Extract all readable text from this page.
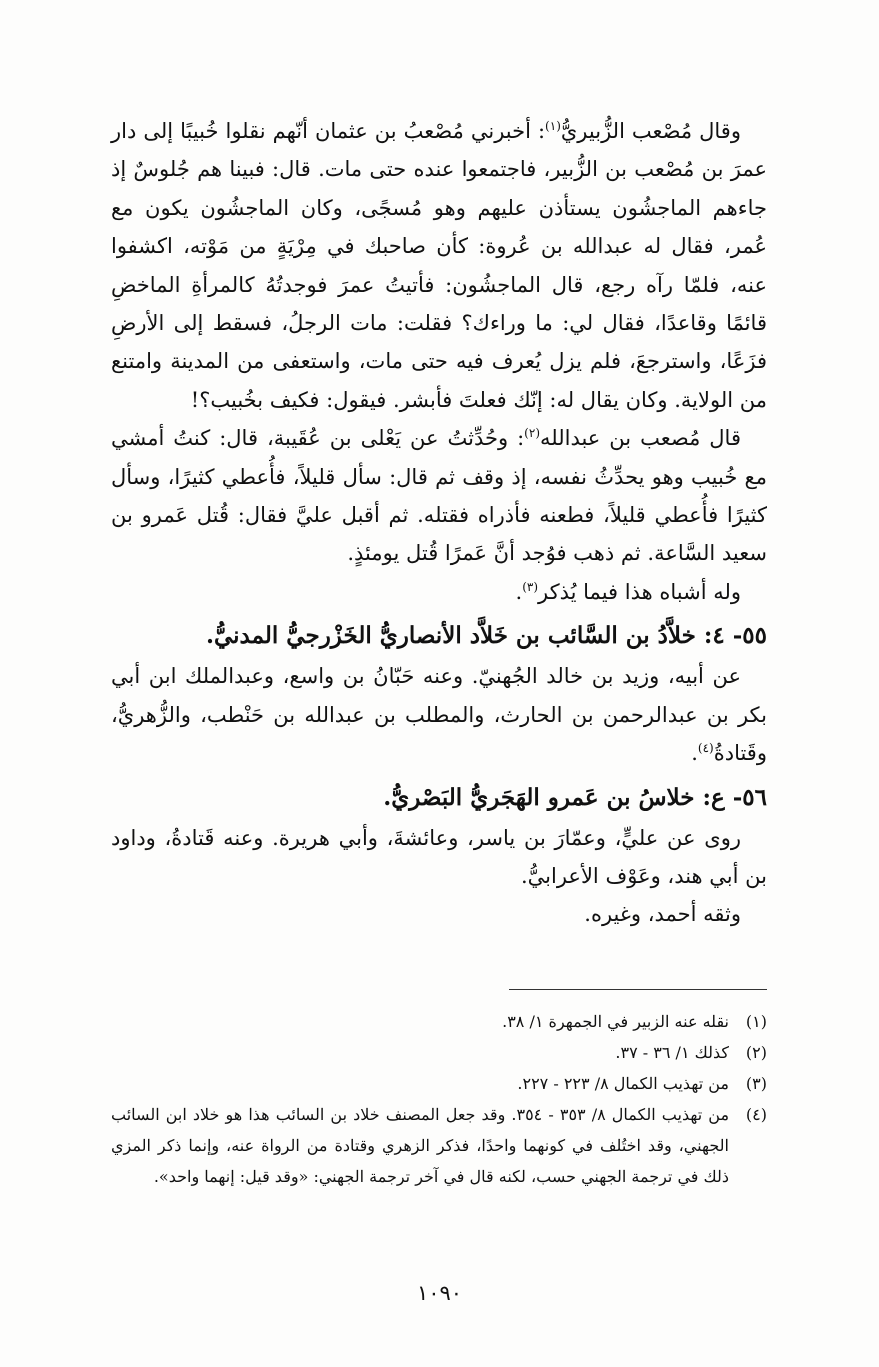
وقال مُصْعب الزُّبيريُّ$^{(١)}$: أخبرني مُصْعبُ بن عثمان أنّهم نقلوا خُبيبًا إلى دار عمرَ بن مُصْعب بن الزُّبير، فاجتمعوا عنده حتى مات. قال: فبينا هم جُلوسٌ إذ جاءهم الماجشُون يستأذن عليهم وهو مُسجًى، وكان الماجشُون يكون مع عُمر، فقال له عبدالله بن عُروة: كأن صاحبك في مِرْيَةٍ من مَوْته، اكشفوا عنه، فلمّا رآه رجع، قال الماجشُون: فأتيتُ عمرَ فوجدتُهُ كالمرأةِ الماخضِ قائمًا وقاعدًا، فقال لي: ما وراءك؟ فقلت: مات الرجلُ، فسقط إلى الأرضِ فزَعًا، واسترجعَ، فلم يزل يُعرف فيه حتى مات، واستعفى من المدينة وامتنع من الولاية. وكان يقال له: إنّك فعلتَ فأبشر. فيقول: فكيف بخُبيب؟!

قال مُصعب بن عبدالله$^{(٢)}$: وحُدِّثتُ عن يَعْلى بن عُقَيبة، قال: كنتُ أمشي مع خُبيب وهو يحدِّثُ نفسه، إذ وقف ثم قال: سأل قليلاً، فأُعطي كثيرًا، وسأل كثيرًا فأُعطي قليلاً، فطعنه فأذراه فقتله. ثم أقبل عليَّ فقال: قُتل عَمرو بن سعيد السَّاعة. ثم ذهب فوُجد أنَّ عَمرًا قُتل يومئذٍ.

وله أشباه هذا فيما يُذكر$^{(٣)}$.

٥٥- ٤: خلاَّدُ بن السَّائب بن خَلاَّد الأنصاريُّ الخَزْرجيُّ المدنيُّ.

عن أبيه، وزيد بن خالد الجُهنيّ. وعنه حَبّانُ بن واسع، وعبدالملك ابن أبي بكر بن عبدالرحمن بن الحارث، والمطلب بن عبدالله بن حَنْطب، والزُّهريُّ، وقَتادةُ$^{(٤)}$.

٥٦- ع: خلاسُ بن عَمرو الهَجَريُّ البَصْريُّ.

روى عن عليٍّ، وعمّارَ بن ياسر، وعائشةَ، وأبي هريرة. وعنه قَتادةُ، وداود بن أبي هند، وعَوْف الأعرابيُّ.

وثقه أحمد، وغيره.

(١)
نقله عنه الزبير في الجمهرة ١/ ٣٨.
(٢)
كذلك ١/ ٣٦ - ٣٧.
(٣)
من تهذيب الكمال ٨/ ٢٢٣ - ٢٢٧.
(٤)
من تهذيب الكمال ٨/ ٣٥٣ - ٣٥٤. وقد جعل المصنف خلاد بن السائب هذا هو خلاد ابن السائب الجهني، وقد اختُلف في كونهما واحدًا، فذكر الزهري وقتادة من الرواة عنه، وإنما ذكر المزي ذلك في ترجمة الجهني حسب، لكنه قال في آخر ترجمة الجهني: «وقد قيل: إنهما واحد».
١٠٩٠
